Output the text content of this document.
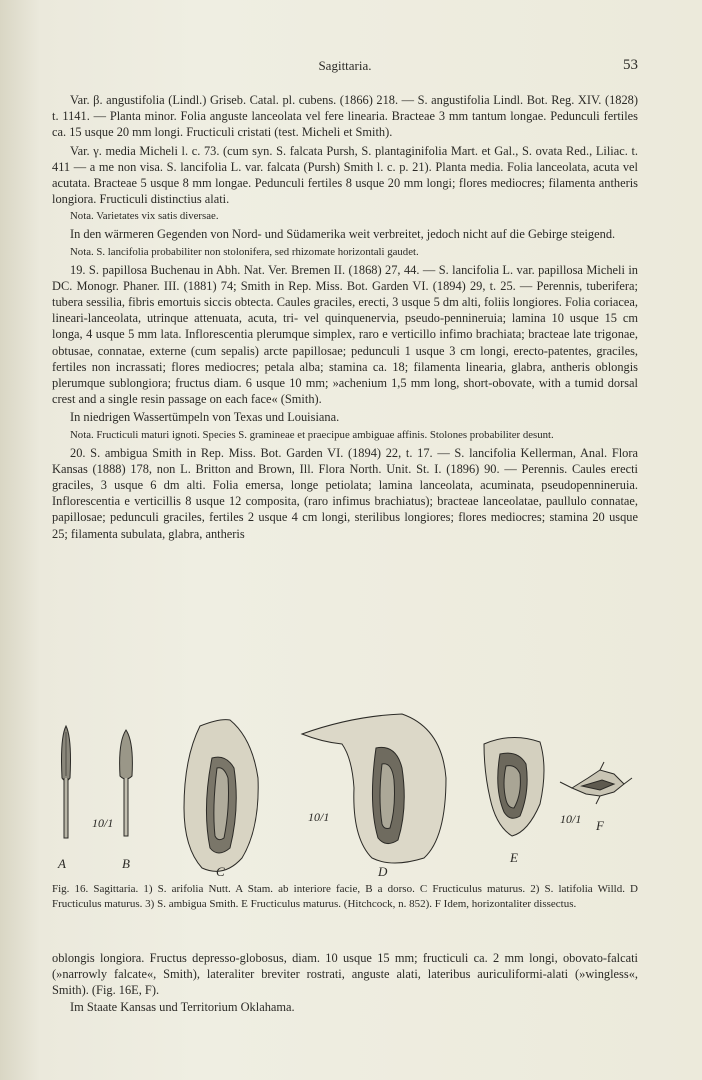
Sagittaria.	53

Var. β. angustifolia (Lindl.) Griseb. Catal. pl. cubens. (1866) 218. — S. angustifolia Lindl. Bot. Reg. XIV. (1828) t. 1141. — Planta minor. Folia anguste lanceolata vel fere linearia. Bracteae 3 mm tantum longae. Pedunculi fertiles ca. 15 usque 20 mm longi. Fructiculi cristati (test. Micheli et Smith).

Var. γ. media Micheli l. c. 73. (cum syn. S. falcata Pursh, S. plantaginifolia Mart. et Gal., S. ovata Red., Liliac. t. 411 — a me non visa. S. lancifolia L. var. falcata (Pursh) Smith l. c. p. 21). Planta media. Folia lanceolata, acuta vel acutata. Bracteae 5 usque 8 mm longae. Pedunculi fertiles 8 usque 20 mm longi; flores mediocres; filamenta antheris longiora. Fructiculi distinctius alati.

Nota. Varietates vix satis diversae.

In den wärmeren Gegenden von Nord- und Südamerika weit verbreitet, jedoch nicht auf die Gebirge steigend.

Nota. S. lancifolia probabiliter non stolonifera, sed rhizomate horizontali gaudet.

19. S. papillosa Buchenau in Abh. Nat. Ver. Bremen II. (1868) 27, 44. — S. lancifolia L. var. papillosa Micheli in DC. Monogr. Phaner. III. (1881) 74; Smith in Rep. Miss. Bot. Garden VI. (1894) 29, t. 25. — Perennis, tuberifera; tubera sessilia, fibris emortuis siccis obtecta. Caules graciles, erecti, 3 usque 5 dm alti, foliis longiores. Folia coriacea, lineari-lanceolata, utrinque attenuata, acuta, tri- vel quinquenervia, pseudo-pennineruia; lamina 10 usque 15 cm longa, 4 usque 5 mm lata. Inflorescentia plerumque simplex, raro e verticillo infimo brachiata; bracteae late trigonae, obtusae, connatae, externe (cum sepalis) arcte papillosae; pedunculi 1 usque 3 cm longi, erecto-patentes, graciles, fertiles non incrassati; flores mediocres; petala alba; stamina ca. 18; filamenta linearia, glabra, antheris oblongis plerumque sublongiora; fructus diam. 6 usque 10 mm; »achenium 1,5 mm long, short-obovate, with a tumid dorsal crest and a single resin passage on each face« (Smith).

In niedrigen Wassertümpeln von Texas und Louisiana.

Nota. Fructiculi maturi ignoti. Species S. gramineae et praecipue ambiguae affinis. Stolones probabiliter desunt.

20. S. ambigua Smith in Rep. Miss. Bot. Garden VI. (1894) 22, t. 17. — S. lancifolia Kellerman, Anal. Flora Kansas (1888) 178, non L. Britton and Brown, Ill. Flora North. Unit. St. I. (1896) 90. — Perennis. Caules erecti graciles, 3 usque 6 dm alti. Folia emersa, longe petiolata; lamina lanceolata, acuminata, pseudopennineruia. Inflorescentia e verticillis 8 usque 12 composita, (raro infimus brachiatus); bracteae lanceolatae, paullulo connatae, papillosae; pedunculi graciles, fertiles 2 usque 4 cm longi, sterilibus longiores; flores mediocres; stamina 20 usque 25; filamenta subulata, glabra, antheris

A	B
C	D
E
F
10/1	10/1	10/1

Fig. 16. Sagittaria. 1) S. arifolia Nutt. A Stam. ab interiore facie, B a dorso. C Fructiculus maturus. 2) S. latifolia Willd. D Fructiculus maturus. 3) S. ambigua Smith. E Fructiculus maturus. (Hitchcock, n. 852). F Idem, horizontaliter dissectus.

oblongis longiora. Fructus depresso-globosus, diam. 10 usque 15 mm; fructiculi ca. 2 mm longi, obovato-falcati (»narrowly falcate«, Smith), lateraliter breviter rostrati, anguste alati, lateribus auriculiformi-alati (»wingless«, Smith). (Fig. 16E, F).

Im Staate Kansas und Territorium Oklahama.
